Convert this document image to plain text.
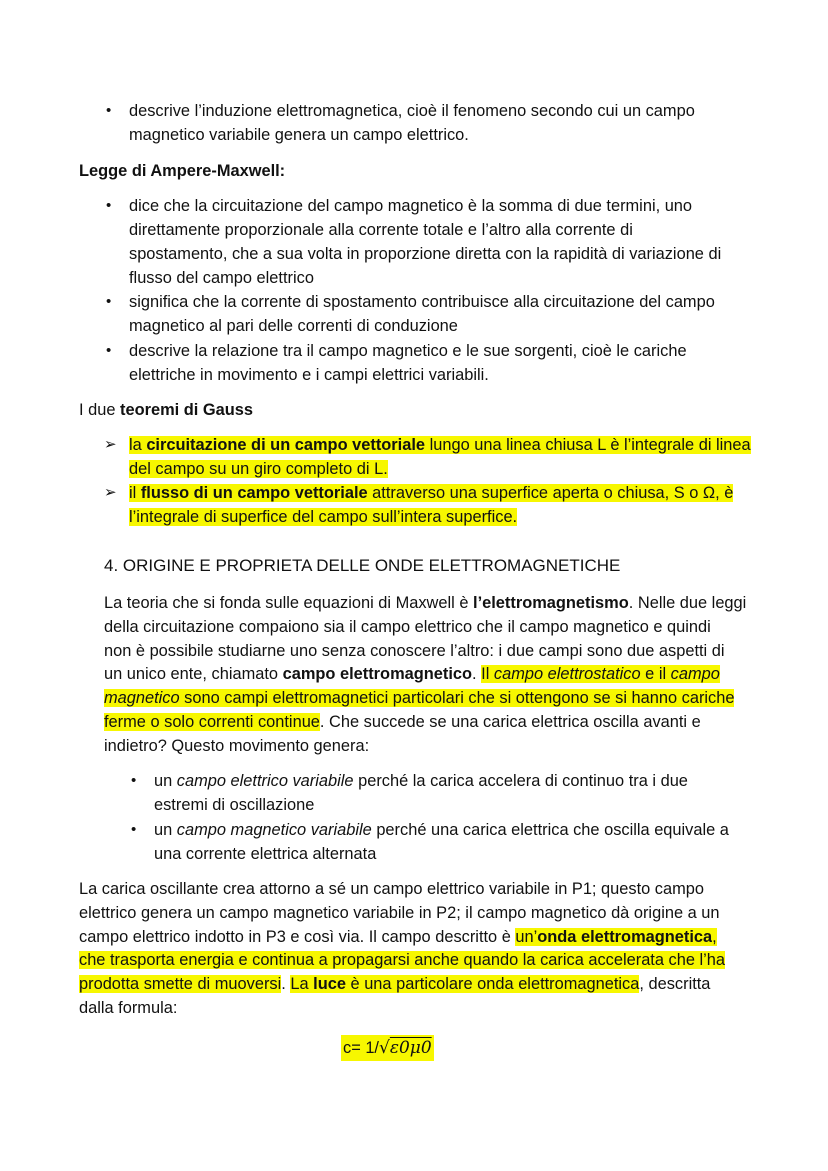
• descrive l’induzione elettromagnetica, cioè il fenomeno secondo cui un campo
magnetico variabile genera un campo elettrico.
Legge di Ampere-Maxwell:
• dice che la circuitazione del campo magnetico è la somma di due termini, uno
direttamente proporzionale alla corrente totale e l’altro alla corrente di
spostamento, che a sua volta in proporzione diretta con la rapidità di variazione di
flusso del campo elettrico
• significa che la corrente di spostamento contribuisce alla circuitazione del campo
magnetico al pari delle correnti di conduzione
• descrive la relazione tra il campo magnetico e le sue sorgenti, cioè le cariche
elettriche in movimento e i campi elettrici variabili.
I due teoremi di Gauss
➢ la circuitazione di un campo vettoriale lungo una linea chiusa L è l’integrale di linea
del campo su un giro completo di L.
➢ il flusso di un campo vettoriale attraverso una superfice aperta o chiusa, S o Ω, è
l’integrale di superfice del campo sull’intera superfice.
4. ORIGINE E PROPRIETA DELLE ONDE ELETTROMAGNETICHE
La teoria che si fonda sulle equazioni di Maxwell è l’elettromagnetismo. Nelle due leggi
della circuitazione compaiono sia il campo elettrico che il campo magnetico e quindi
non è possibile studiarne uno senza conoscere l’altro: i due campi sono due aspetti di
un unico ente, chiamato campo elettromagnetico. Il campo elettrostatico e il campo
magnetico sono campi elettromagnetici particolari che si ottengono se si hanno cariche
ferme o solo correnti continue. Che succede se una carica elettrica oscilla avanti e
indietro? Questo movimento genera:
• un campo elettrico variabile perché la carica accelera di continuo tra i due
estremi di oscillazione
• un campo magnetico variabile perché una carica elettrica che oscilla equivale a
una corrente elettrica alternata
La carica oscillante crea attorno a sé un campo elettrico variabile in P1; questo campo
elettrico genera un campo magnetico variabile in P2; il campo magnetico dà origine a un
campo elettrico indotto in P3 e così via. Il campo descritto è un’onda elettromagnetica,
che trasporta energia e continua a propagarsi anche quando la carica accelerata che l’ha
prodotta smette di muoversi. La luce è una particolare onda elettromagnetica, descritta
dalla formula:
c= 1/√ε0μ0
